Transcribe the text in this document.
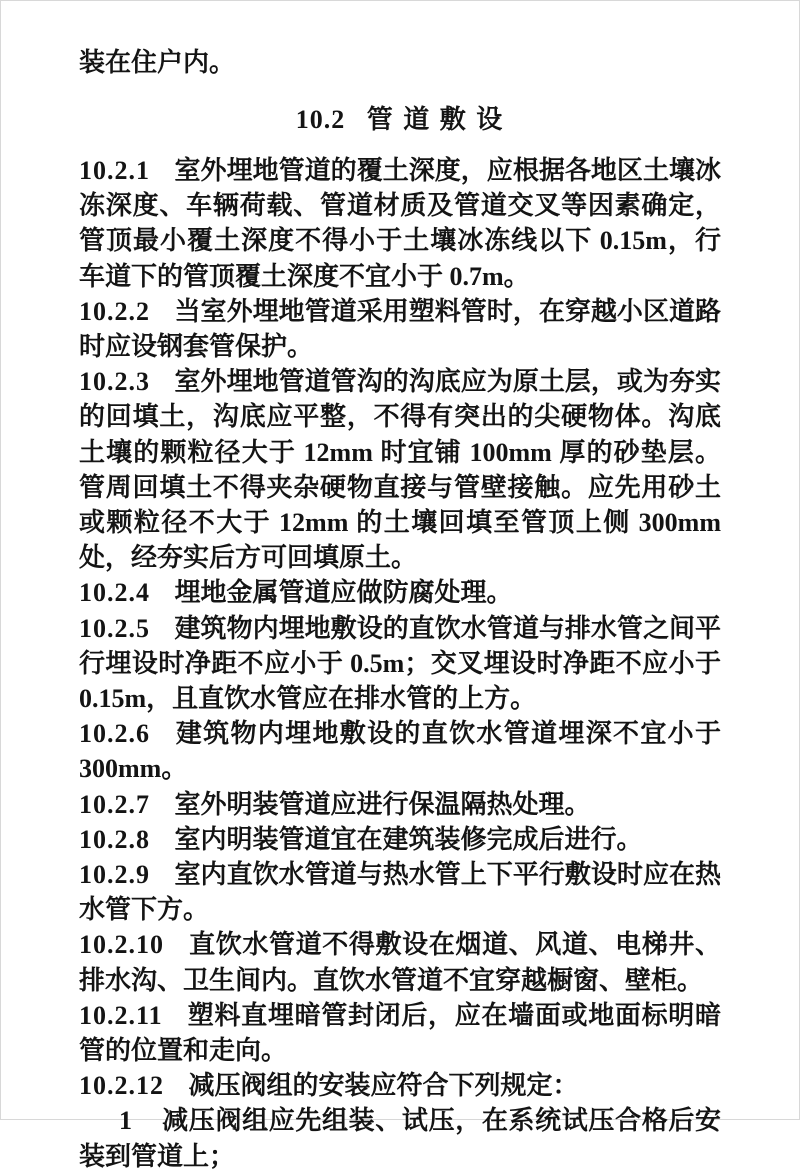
装在住户内。

10.2 管 道 敷 设

10.2.1 室外埋地管道的覆土深度，应根据各地区土壤冰冻深度、车辆荷载、管道材质及管道交叉等因素确定，管顶最小覆土深度不得小于土壤冰冻线以下 0.15m，行车道下的管顶覆土深度不宜小于 0.7m。

10.2.2 当室外埋地管道采用塑料管时，在穿越小区道路时应设钢套管保护。

10.2.3 室外埋地管道管沟的沟底应为原土层，或为夯实的回填土，沟底应平整，不得有突出的尖硬物体。沟底土壤的颗粒径大于 12mm 时宜铺 100mm 厚的砂垫层。管周回填土不得夹杂硬物直接与管壁接触。应先用砂土或颗粒径不大于 12mm 的土壤回填至管顶上侧 300mm 处，经夯实后方可回填原土。

10.2.4 埋地金属管道应做防腐处理。

10.2.5 建筑物内埋地敷设的直饮水管道与排水管之间平行埋设时净距不应小于 0.5m；交叉埋设时净距不应小于 0.15m，且直饮水管应在排水管的上方。

10.2.6 建筑物内埋地敷设的直饮水管道埋深不宜小于 300mm。

10.2.7 室外明装管道应进行保温隔热处理。

10.2.8 室内明装管道宜在建筑装修完成后进行。

10.2.9 室内直饮水管道与热水管上下平行敷设时应在热水管下方。

10.2.10 直饮水管道不得敷设在烟道、风道、电梯井、排水沟、卫生间内。直饮水管道不宜穿越橱窗、壁柜。

10.2.11 塑料直埋暗管封闭后，应在墙面或地面标明暗管的位置和走向。

10.2.12 减压阀组的安装应符合下列规定：

1 减压阀组应先组装、试压，在系统试压合格后安装到管道上；
